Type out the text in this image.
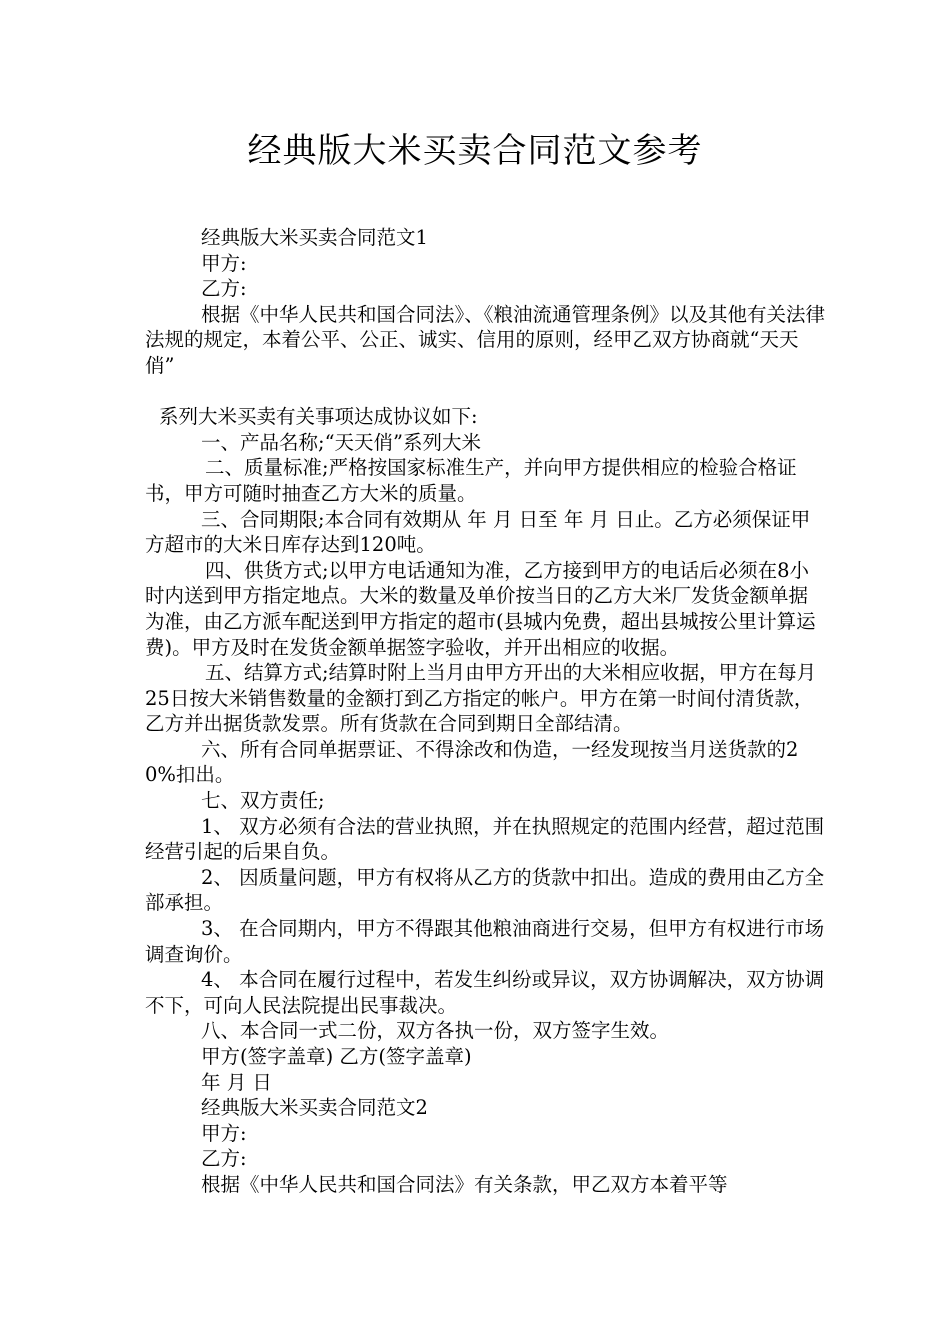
经典版大米买卖合同范文参考

经典版大米买卖合同范文1

甲方:

乙方:

根据《中华人民共和国合同法》、《粮油流通管理条例》以及其他有关法律法规的规定，本着公平、公正、诚实、信用的原则，经甲乙双方协商就“天天俏”

系列大米买卖有关事项达成协议如下:

一、产品名称;“天天俏”系列大米

二、质量标准;严格按国家标准生产，并向甲方提供相应的检验合格证书，甲方可随时抽查乙方大米的质量。

三、合同期限;本合同有效期从 年 月 日至 年 月 日止。乙方必须保证甲方超市的大米日库存达到120吨。

四、供货方式;以甲方电话通知为准，乙方接到甲方的电话后必须在8小时内送到甲方指定地点。大米的数量及单价按当日的乙方大米厂发货金额单据为准，由乙方派车配送到甲方指定的超市(县城内免费，超出县城按公里计算运费)。甲方及时在发货金额单据签字验收，并开出相应的收据。

五、结算方式;结算时附上当月由甲方开出的大米相应收据，甲方在每月25日按大米销售数量的金额打到乙方指定的帐户。甲方在第一时间付清货款，乙方并出据货款发票。所有货款在合同到期日全部结清。

六、所有合同单据票证、不得涂改和伪造，一经发现按当月送货款的20%扣出。

七、双方责任;

1、 双方必须有合法的营业执照，并在执照规定的范围内经营，超过范围经营引起的后果自负。

2、 因质量问题，甲方有权将从乙方的货款中扣出。造成的费用由乙方全部承担。

3、 在合同期内，甲方不得跟其他粮油商进行交易，但甲方有权进行市场调查询价。

4、 本合同在履行过程中，若发生纠纷或异议，双方协调解决，双方协调不下，可向人民法院提出民事裁决。

八、本合同一式二份，双方各执一份，双方签字生效。

甲方(签字盖章) 乙方(签字盖章)

年 月 日

经典版大米买卖合同范文2

甲方:

乙方:

根据《中华人民共和国合同法》有关条款，甲乙双方本着平等
